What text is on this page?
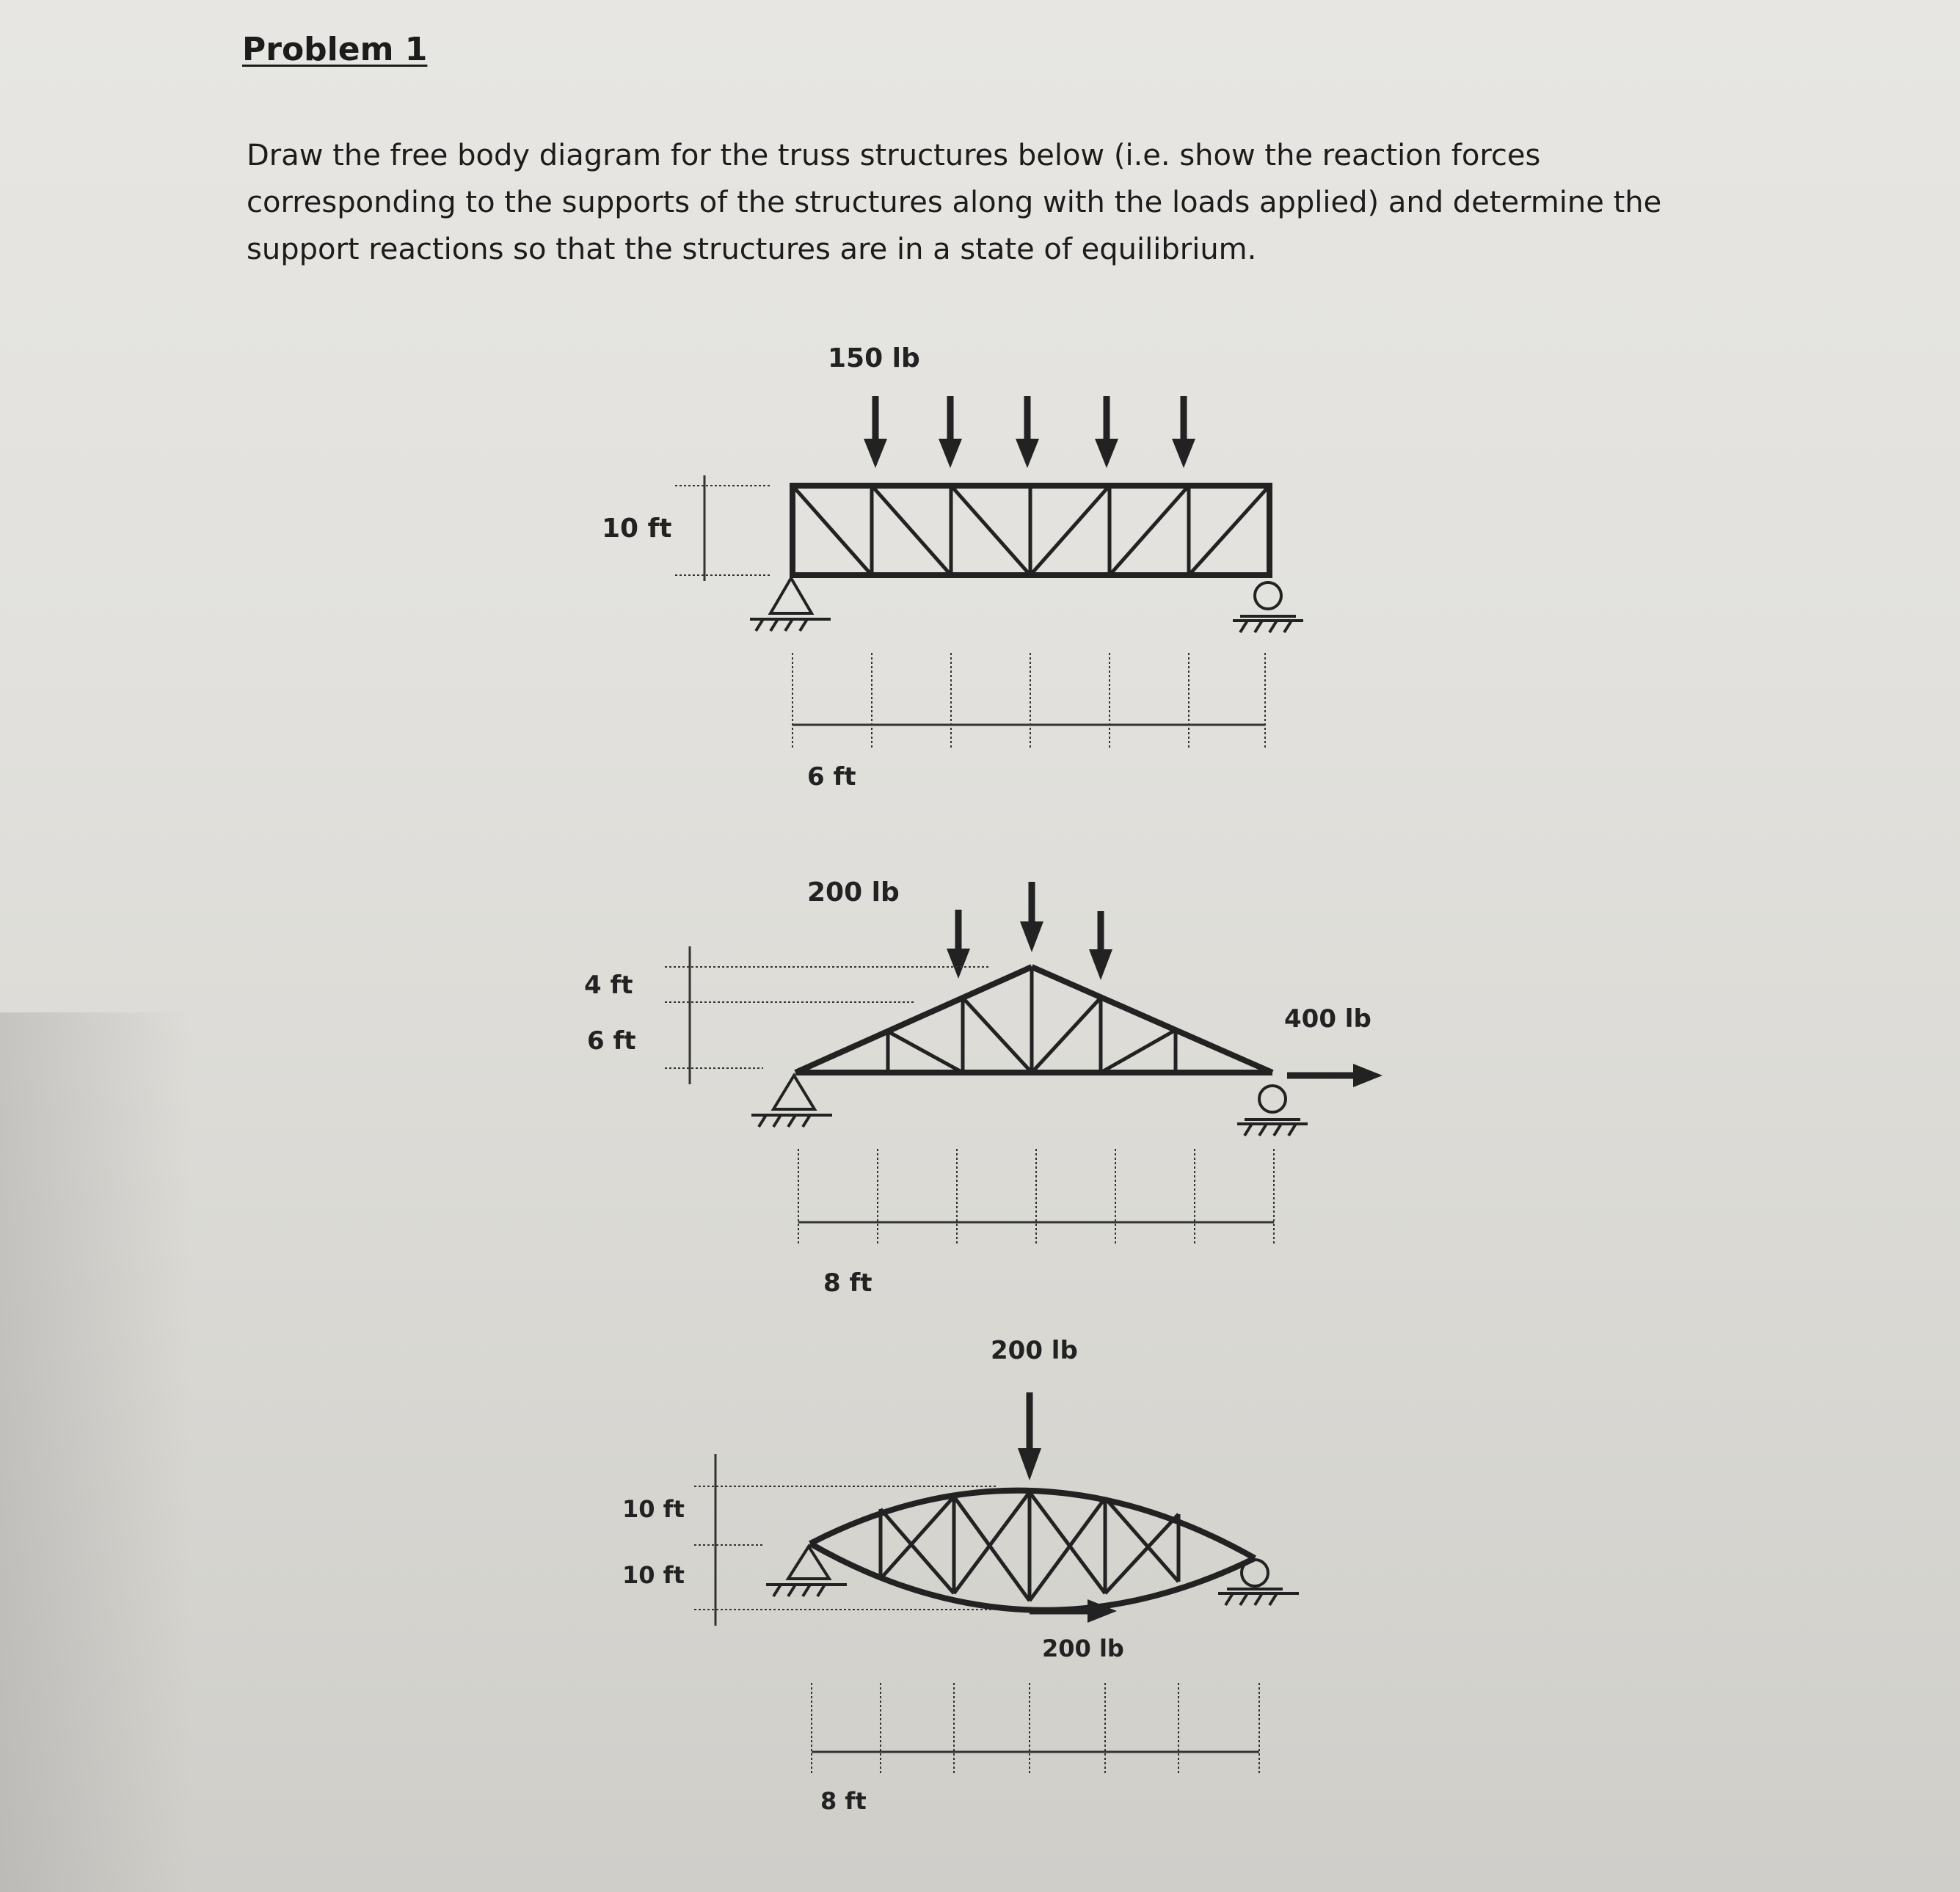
Problem 1
Draw the free body diagram for the truss structures below (i.e. show the reaction forces corresponding to the supports of the structures along with the loads applied) and determine the support reactions so that the structures are in a state of equilibrium.
150 lb
10 ft
6 ft
200 lb
4 ft
6 ft
400 lb
8 ft
200 lb
10 ft
10 ft
200 lb
8 ft
